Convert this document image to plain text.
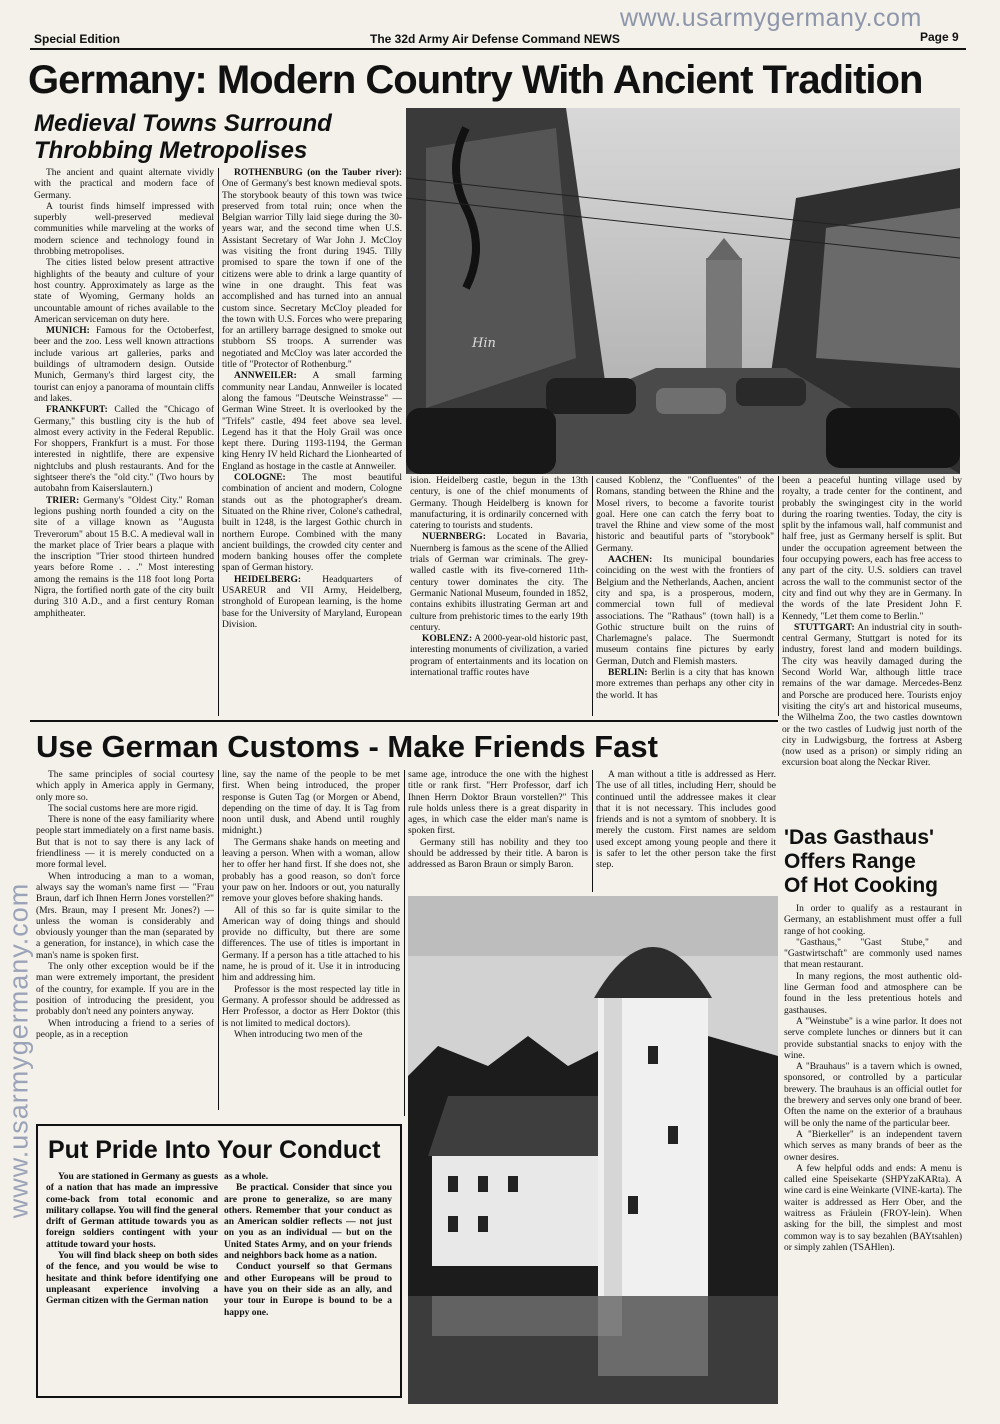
Special Edition	The 32d Army Air Defense Command NEWS	Page 9
www.usarmygermany.com
Germany: Modern Country With Ancient Tradition
Medieval Towns Surround
Throbbing Metropolises
Hin

The ancient and quaint alternate vividly with the practical and modern face of Germany.

A tourist finds himself impressed with superbly well-preserved medieval communities while marveling at the works of modern science and technology found in throbbing metropolises.

The cities listed below present attractive highlights of the beauty and culture of your host country. Approximately as large as the state of Wyoming, Germany holds an uncountable amount of riches available to the American serviceman on duty here.

MUNICH: Famous for the Octoberfest, beer and the zoo. Less well known attractions include various art galleries, parks and buildings of ultramodern design. Outside Munich, Germany's third largest city, the tourist can enjoy a panorama of mountain cliffs and lakes.

FRANKFURT: Called the "Chicago of Germany," this bustling city is the hub of almost every activity in the Federal Republic. For shoppers, Frankfurt is a must. For those interested in nightlife, there are expensive nightclubs and plush restaurants. And for the sightseer there's the "old city." (Two hours by autobahn from Kaiserslautern.)

TRIER: Germany's "Oldest City." Roman legions pushing north founded a city on the site of a village known as "Augusta Treverorum" about 15 B.C. A medieval wall in the market place of Trier bears a plaque with the inscription "Trier stood thirteen hundred years before Rome . . ." Most interesting among the remains is the 118 foot long Porta Nigra, the fortified north gate of the city built during 310 A.D., and a first century Roman amphitheater.

ROTHENBURG (on the Tauber river): One of Germany's best known medieval spots. The storybook beauty of this town was twice preserved from total ruin; once when the Belgian warrior Tilly laid siege during the 30-years war, and the second time when U.S. Assistant Secretary of War John J. McCloy was visiting the front during 1945. Tilly promised to spare the town if one of the citizens were able to drink a large quantity of wine in one draught. This feat was accomplished and has turned into an annual custom since. Secretary McCloy pleaded for the town with U.S. Forces who were preparing for an artillery barrage designed to smoke out stubborn SS troops. A surrender was negotiated and McCloy was later accorded the title of "Protector of Rothenburg."

ANNWEILER: A small farming community near Landau, Annweiler is located along the famous "Deutsche Weinstrasse" — German Wine Street. It is overlooked by the "Trifels" castle, 494 feet above sea level. Legend has it that the Holy Grail was once kept there. During 1193-1194, the German king Henry IV held Richard the Lionhearted of England as hostage in the castle at Annweiler.

COLOGNE: The most beautiful combination of ancient and modern, Cologne stands out as the photographer's dream. Situated on the Rhine river, Colone's cathedral, built in 1248, is the largest Gothic church in northern Europe. Combined with the many ancient buildings, the crowded city center and modern banking houses offer the complete span of German history.

HEIDELBERG: Headquarters of USAREUR and VII Army, Heidelberg, stronghold of European learning, is the home base for the University of Maryland, European Division.

ision. Heidelberg castle, begun in the 13th century, is one of the chief monuments of Germany. Though Heidelberg is known for manufacturing, it is ordinarily concerned with catering to tourists and students.

NUERNBERG: Located in Bavaria, Nuernberg is famous as the scene of the Allied trials of German war criminals. The grey-walled castle with its five-cornered 11th-century tower dominates the city. The Germanic National Museum, founded in 1852, contains exhibits illustrating German art and culture from prehistoric times to the early 19th century.

KOBLENZ: A 2000-year-old historic past, interesting monuments of civilization, a varied program of entertainments and its location on international traffic routes have

caused Koblenz, the "Confluentes" of the Romans, standing between the Rhine and the Mosel rivers, to become a favorite tourist goal. Here one can catch the ferry boat to travel the Rhine and view some of the most historic and beautiful parts of "storybook" Germany.

AACHEN: Its municipal boundaries coinciding on the west with the frontiers of Belgium and the Netherlands, Aachen, ancient city and spa, is a prosperous, modern, commercial town full of medieval associations. The "Rathaus" (town hall) is a Gothic structure built on the ruins of Charlemagne's palace. The Suermondt museum contains fine pictures by early German, Dutch and Flemish masters.

BERLIN: Berlin is a city that has known more extremes than perhaps any other city in the world. It has

been a peaceful hunting village used by royalty, a trade center for the continent, and probably the swingingest city in the world during the roaring twenties. Today, the city is split by the infamous wall, half communist and half free, just as Germany herself is split. But under the occupation agreement between the four occupying powers, each has free access to any part of the city. U.S. soldiers can travel across the wall to the communist sector of the city and find out why they are in Germany. In the words of the late President John F. Kennedy, "Let them come to Berlin."

STUTTGART: An industrial city in south-central Germany, Stuttgart is noted for its industry, forest land and modern buildings. The city was heavily damaged during the Second World War, although little trace remains of the war damage. Mercedes-Benz and Porsche are produced here. Tourists enjoy visiting the city's art and historical museums, the Wilhelma Zoo, the two castles downtown or the two castles of Ludwig just north of the city in Ludwigsburg, the fortress at Asberg (now used as a prison) or simply riding an excursion boat along the Neckar River.

Use German Customs - Make Friends Fast

The same principles of social courtesy which apply in America apply in Germany, only more so.

The social customs here are more rigid.

There is none of the easy familiarity where people start immediately on a first name basis. But that is not to say there is any lack of friendliness — it is merely conducted on a more formal level.

When introducing a man to a woman, always say the woman's name first — "Frau Braun, darf ich Ihnen Herrn Jones vorstellen?" (Mrs. Braun, may I present Mr. Jones?) — unless the woman is considerably and obviously younger than the man (separated by a generation, for instance), in which case the man's name is spoken first.

The only other exception would be if the man were extremely important, the president of the country, for example. If you are in the position of introducing the president, you probably don't need any pointers anyway.

When introducing a friend to a series of people, as in a reception

line, say the name of the people to be met first. When being introduced, the proper response is Guten Tag (or Morgen or Abend, depending on the time of day. It is Tag from noon until dusk, and Abend until roughly midnight.)

The Germans shake hands on meeting and leaving a person. When with a woman, allow her to offer her hand first. If she does not, she probably has a good reason, so don't force your paw on her. Indoors or out, you naturally remove your gloves before shaking hands.

All of this so far is quite similar to the American way of doing things and should provide no difficulty, but there are some differences. The use of titles is important in Germany. If a person has a title attached to his name, he is proud of it. Use it in introducing him and addressing him.

Professor is the most respected lay title in Germany. A professor should be addressed as Herr Professor, a doctor as Herr Doktor (this is not limited to medical doctors).

When introducing two men of the

same age, introduce the one with the highest title or rank first. "Herr Professor, darf ich Ihnen Herrn Doktor Braun vorstellen?" This rule holds unless there is a great disparity in ages, in which case the elder man's name is spoken first.

Germany still has nobility and they too should be addressed by their title. A baron is addressed as Baron Braun or simply Baron.

A man without a title is addressed as Herr. The use of all titles, including Herr, should be continued until the addressee makes it clear that it is not necessary. This includes good friends and is not a symtom of snobbery. It is merely the custom. First names are seldom used except among young people and there it is safer to let the other person take the first step.

Put Pride Into Your Conduct

You are stationed in Germany as guests of a nation that has made an impressive come-back from total economic and military collapse. You will find the general drift of German attitude towards you as foreign soldiers contingent with your attitude toward your hosts.

You will find black sheep on both sides of the fence, and you would be wise to hesitate and think before identifying one unpleasant experience involving a German citizen with the German nation

as a whole.

Be practical. Consider that since you are prone to generalize, so are many others. Remember that your conduct as an American soldier reflects — not just on you as an individual — but on the United States Army, and on your friends and neighbors back home as a nation.

Conduct yourself so that Germans and other Europeans will be proud to have you on their side as an ally, and your tour in Europe is bound to be a happy one.

'Das Gasthaus'
Offers Range
Of Hot Cooking

In order to qualify as a restaurant in Germany, an establishment must offer a full range of hot cooking.

"Gasthaus," "Gast Stube," and "Gastwirtschaft" are commonly used names that mean restaurant.

In many regions, the most authentic old-line German food and atmosphere can be found in the less pretentious hotels and gasthauses.

A "Weinstube" is a wine parlor. It does not serve complete lunches or dinners but it can provide substantial snacks to enjoy with the wine.

A "Brauhaus" is a tavern which is owned, sponsored, or controlled by a particular brewery. The brauhaus is an official outlet for the brewery and serves only one brand of beer. Often the name on the exterior of a brauhaus will be only the name of the particular beer.

A "Bierkeller" is an independent tavern which serves as many brands of beer as the owner desires.

A few helpful odds and ends: A menu is called eine Speisekarte (SHPYzaKARta). A wine card is eine Weinkarte (VINE-karta). The waiter is addressed as Herr Ober, and the waitress as Fräulein (FROY-lein). When asking for the bill, the simplest and most common way is to say bezahlen (BAYtsahlen) or simply zahlen (TSAHlen).

www.usarmygermany.com
